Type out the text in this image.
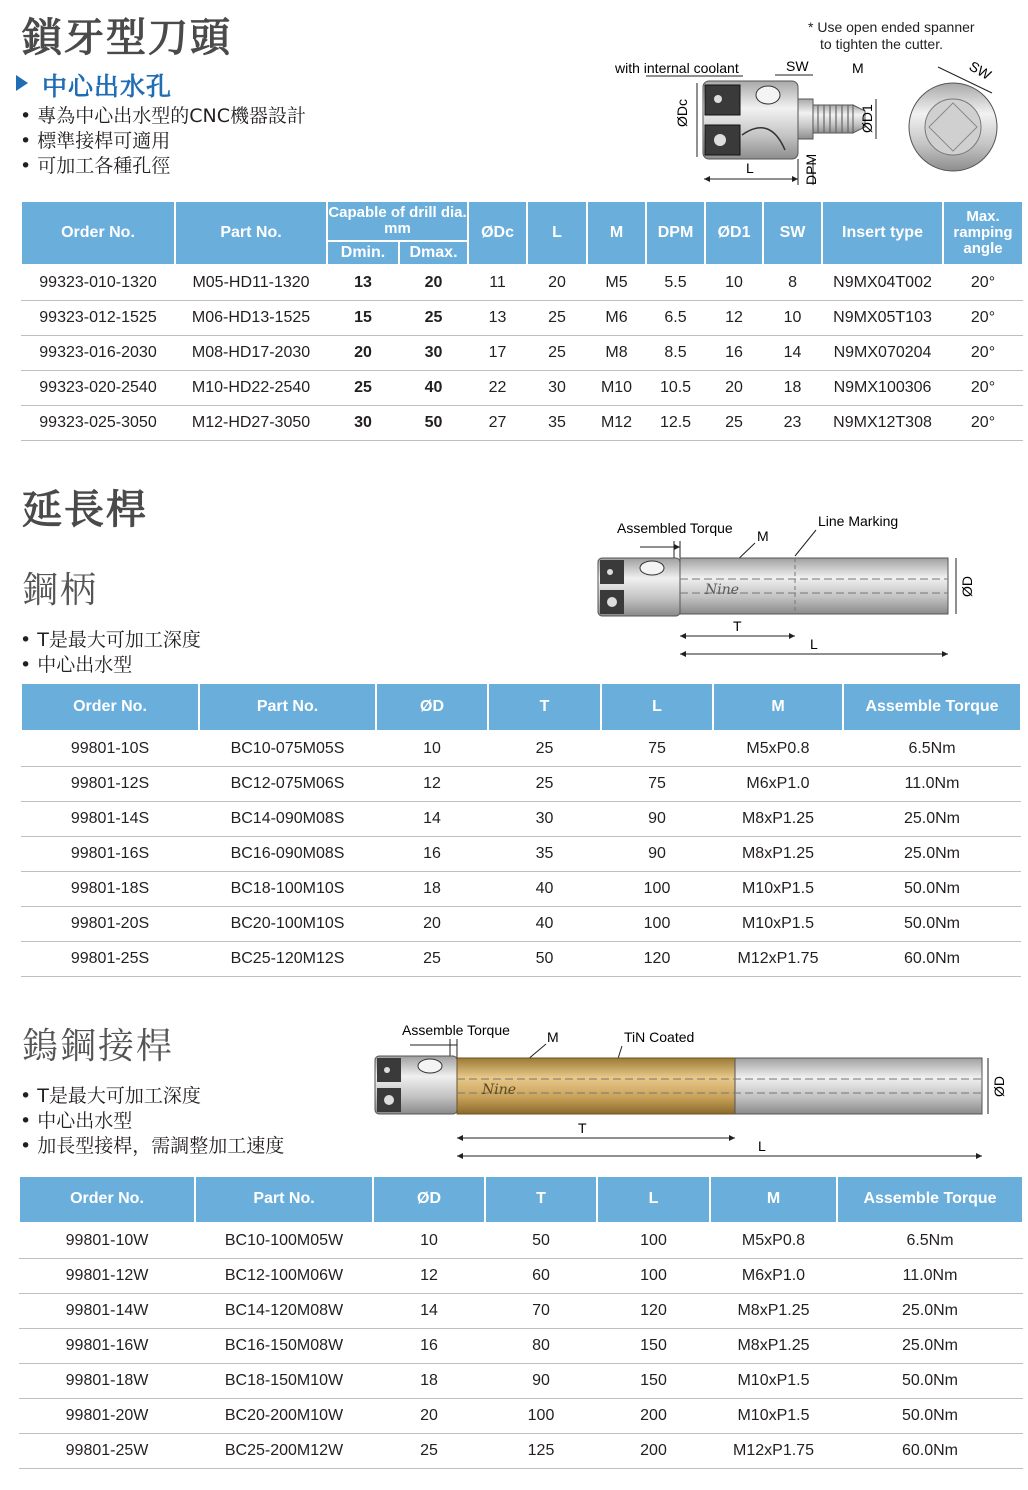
鎖牙型刀頭
中心出水孔
• 專為中心出水型的CNC機器設計
• 標準接桿可適用
• 可加工各種孔徑
* Use open ended spanner
to tighten the cutter.
with internal coolant	SW	M
ØDc	ØD1
L	DPM
SW
Order No.	Part No.	Capable of drill dia. mm		ØDc	L	M	DPM	ØD1	SW	Insert type	Max. ramping angle
		Dmin.	Dmax.								
99323-010-1320	M05-HD11-1320	13	20	11	20	M5	5.5	10	8	N9MX04T002	20°
99323-012-1525	M06-HD13-1525	15	25	13	25	M6	6.5	12	10	N9MX05T103	20°
99323-016-2030	M08-HD17-2030	20	30	17	25	M8	8.5	16	14	N9MX070204	20°
99323-020-2540	M10-HD22-2540	25	40	22	30	M10	10.5	20	18	N9MX100306	20°
99323-025-3050	M12-HD27-3050	30	50	27	35	M12	12.5	25	23	N9MX12T308	20°
延長桿
鋼柄
• T是最大可加工深度
• 中心出水型
Assembled Torque M
Line Marking
Nine	ØD
T
L
Order No.	Part No.	ØD	T	L	M	Assemble Torque
99801-10S	BC10-075M05S	10	25	75	M5xP0.8	6.5Nm
99801-12S	BC12-075M06S	12	25	75	M6xP1.0	11.0Nm
99801-14S	BC14-090M08S	14	30	90	M8xP1.25	25.0Nm
99801-16S	BC16-090M08S	16	35	90	M8xP1.25	25.0Nm
99801-18S	BC18-100M10S	18	40	100	M10xP1.5	50.0Nm
99801-20S	BC20-100M10S	20	40	100	M10xP1.5	50.0Nm
99801-25S	BC25-120M12S	25	50	120	M12xP1.75	60.0Nm
鎢鋼接桿
• T是最大可加工深度
• 中心出水型
• 加長型接桿，需調整加工速度
Assemble Torque	M	TiN Coated
Nine	ØD
T
L
Order No.	Part No.	ØD	T	L	M	Assemble Torque
99801-10W	BC10-100M05W	10	50	100	M5xP0.8	6.5Nm
99801-12W	BC12-100M06W	12	60	100	M6xP1.0	11.0Nm
99801-14W	BC14-120M08W	14	70	120	M8xP1.25	25.0Nm
99801-16W	BC16-150M08W	16	80	150	M8xP1.25	25.0Nm
99801-18W	BC18-150M10W	18	90	150	M10xP1.5	50.0Nm
99801-20W	BC20-200M10W	20	100	200	M10xP1.5	50.0Nm
99801-25W	BC25-200M12W	25	125	200	M12xP1.75	60.0Nm
